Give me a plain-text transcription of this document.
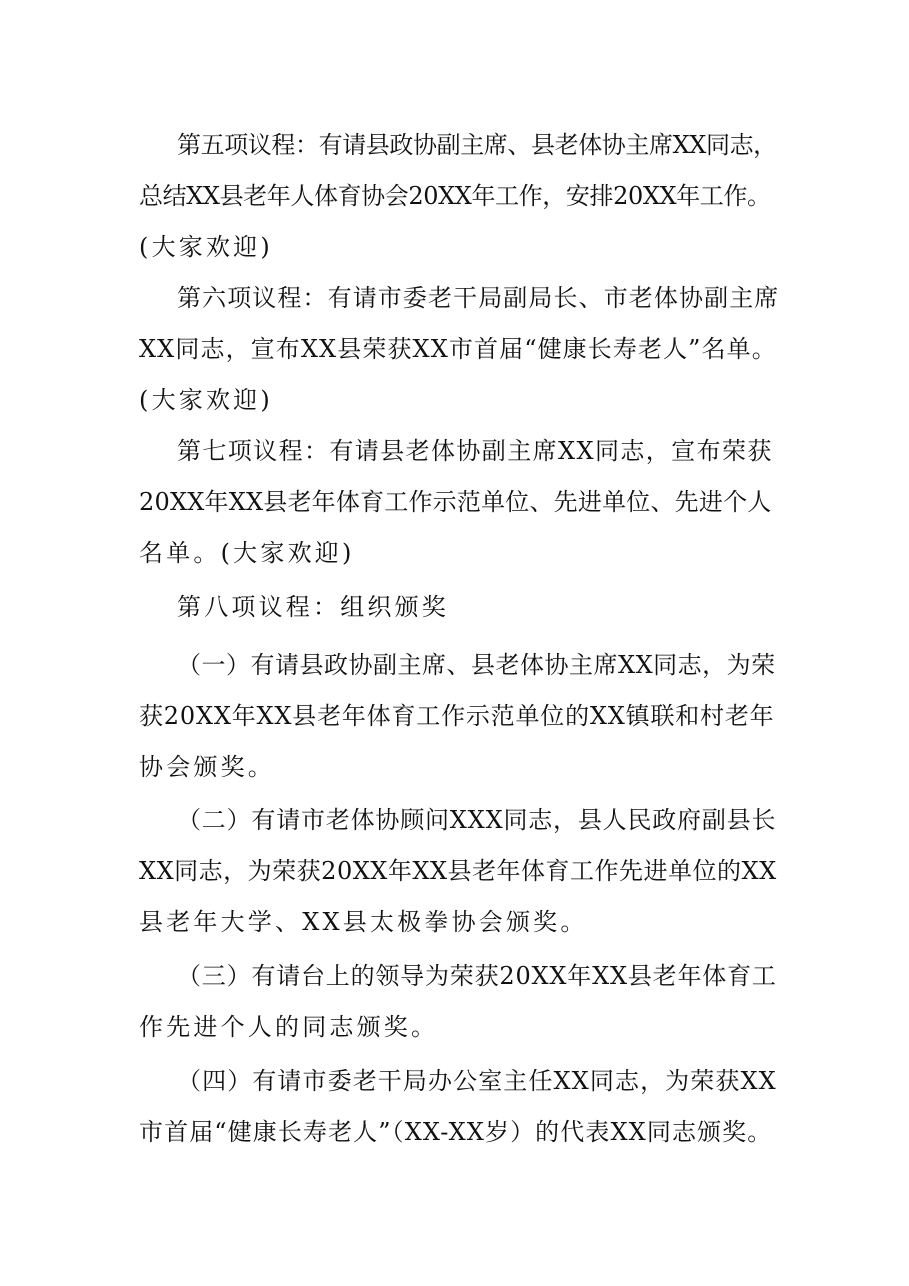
第五项议程：有请县政协副主席、县老体协主席XX同志，
总结XX县老年人体育协会20XX年工作，安排20XX年工作。
(大家欢迎)
第六项议程：有请市委老干局副局长、市老体协副主席
XX同志，宣布XX县荣获XX市首届“健康长寿老人”名单。
(大家欢迎)
第七项议程：有请县老体协副主席XX同志，宣布荣获
20XX年XX县老年体育工作示范单位、先进单位、先进个人
名单。(大家欢迎)
第八项议程：组织颁奖
（一）有请县政协副主席、县老体协主席XX同志，为荣
获20XX年XX县老年体育工作示范单位的XX镇联和村老年
协会颁奖。
（二）有请市老体协顾问XXX同志，县人民政府副县长
XX同志，为荣获20XX年XX县老年体育工作先进单位的XX
县老年大学、XX县太极拳协会颁奖。
（三）有请台上的领导为荣获20XX年XX县老年体育工
作先进个人的同志颁奖。
（四）有请市委老干局办公室主任XX同志，为荣获XX
市首届“健康长寿老人”（XX-XX岁）的代表XX同志颁奖。
